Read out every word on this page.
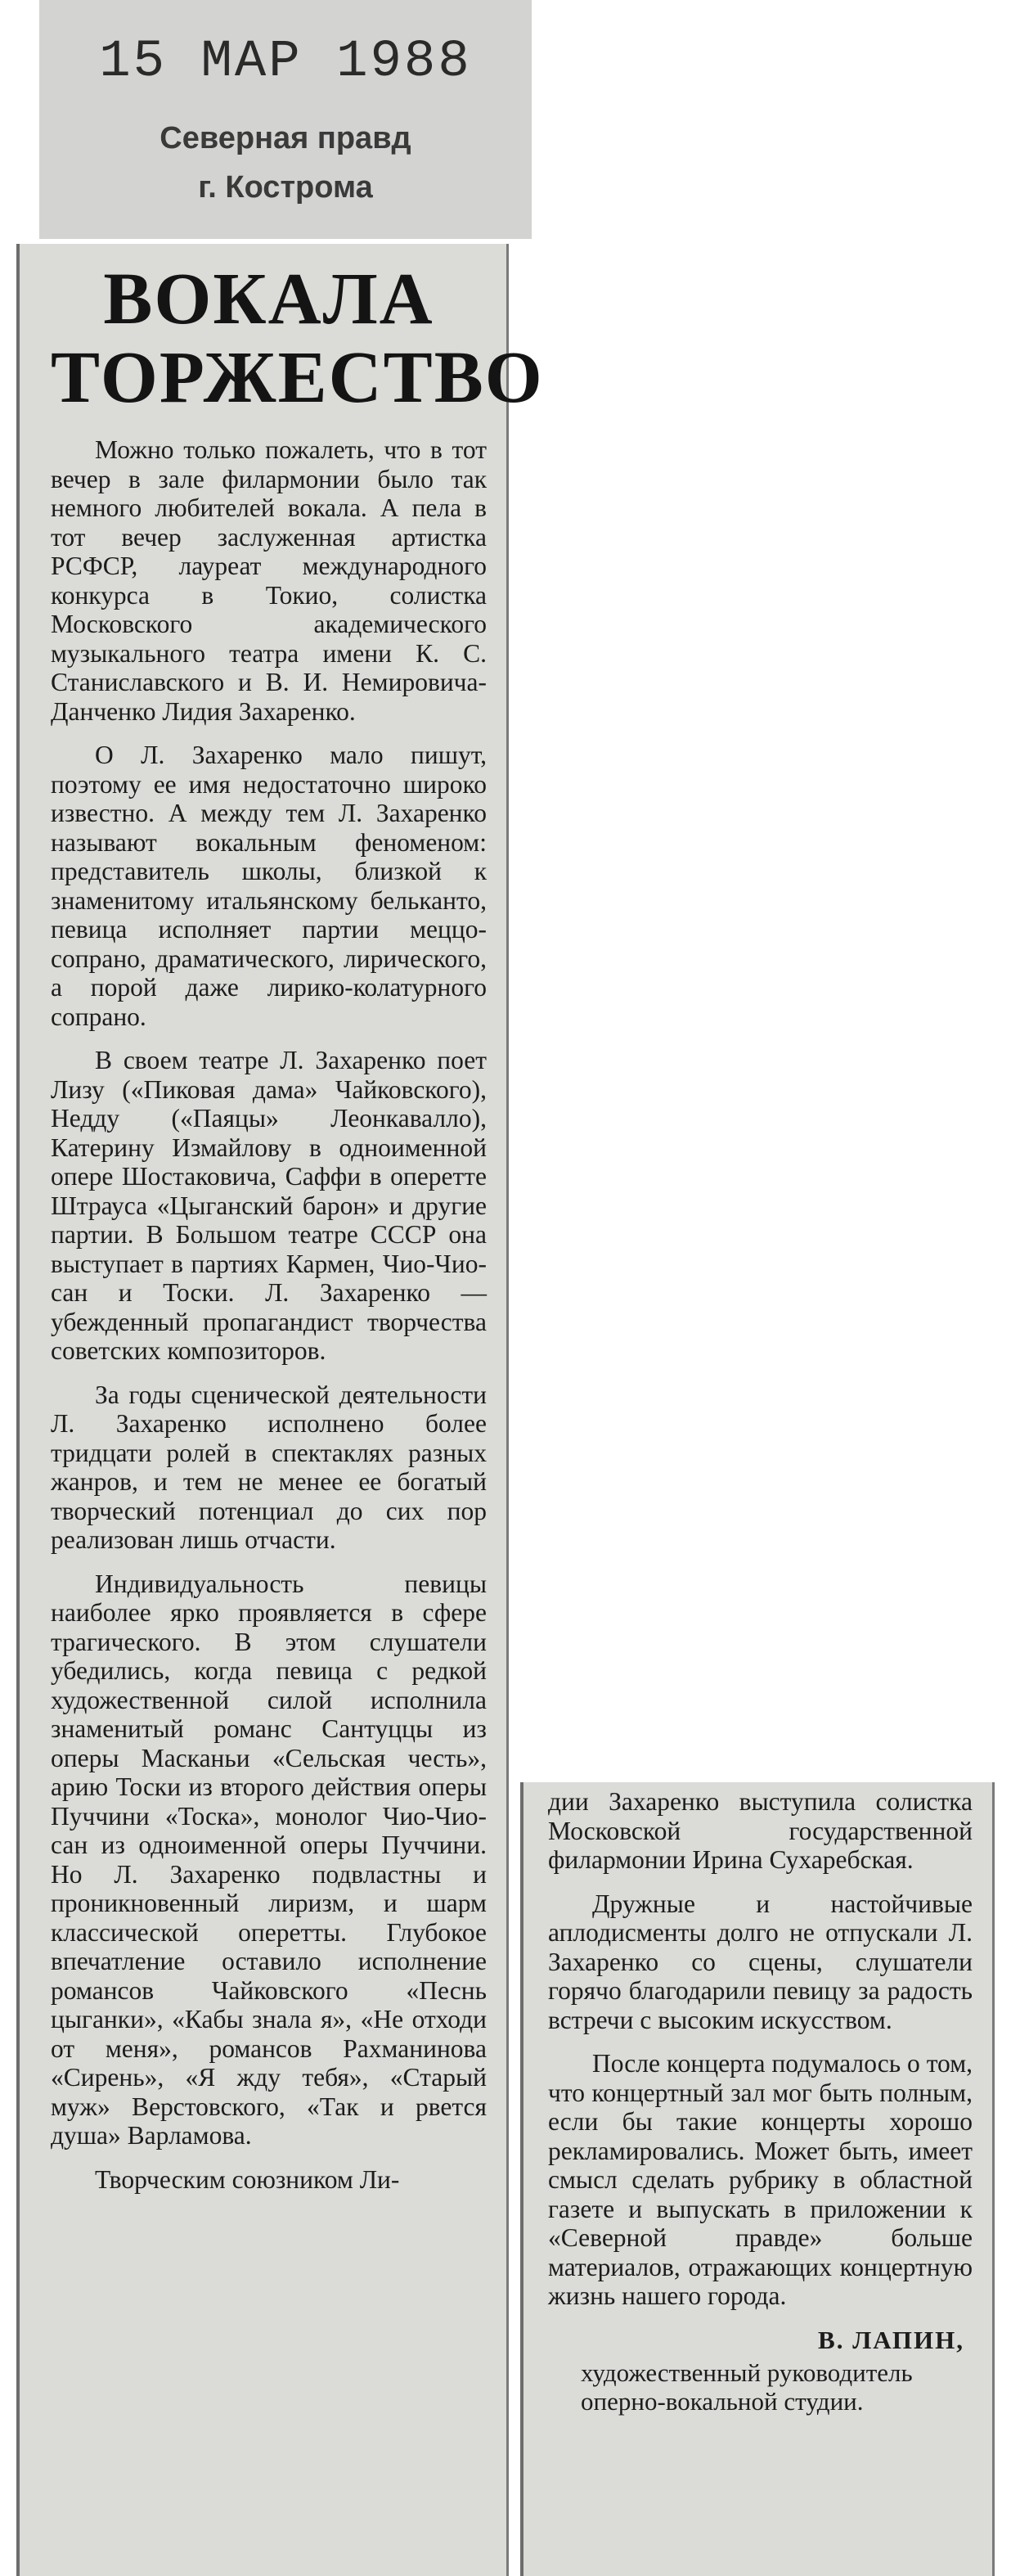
15 МАР 1988
Северная правд
г. Кострома
ВОКАЛА
ТОРЖЕСТВО

Можно только пожалеть, что в тот вечер в зале филармонии было так немного любителей вокала. А пела в тот вечер заслуженная артистка РСФСР, лауреат международного конкурса в Токио, солистка Московского академического музыкального театра имени К. С. Станиславского и В. И. Немировича-Данченко Лидия Захаренко.

О Л. Захаренко мало пишут, поэтому ее имя недостаточно широко известно. А между тем Л. Захаренко называют вокальным феноменом: представитель школы, близкой к знаменитому итальянскому бельканто, певица исполняет партии меццо-сопрано, драматического, лирического, а порой даже лирико-колатурного сопрано.

В своем театре Л. Захаренко поет Лизу («Пиковая дама» Чайковского), Недду («Паяцы» Леонкавалло), Катерину Измайлову в одноименной опере Шостаковича, Саффи в оперетте Штрауса «Цыганский барон» и другие партии. В Большом театре СССР она выступает в партиях Кармен, Чио-Чио-сан и Тоски. Л. Захаренко — убежденный пропагандист творчества советских композиторов.

За годы сценической деятельности Л. Захаренко исполнено более тридцати ролей в спектаклях разных жанров, и тем не менее ее богатый творческий потенциал до сих пор реализован лишь отчасти.

Индивидуальность певицы наиболее ярко проявляется в сфере трагического. В этом слушатели убедились, когда певица с редкой художественной силой исполнила знаменитый романс Сантуццы из оперы Масканьи «Сельская честь», арию Тоски из второго действия оперы Пуччини «Тоска», монолог Чио-Чио-сан из одноименной оперы Пуччини. Но Л. Захаренко подвластны и проникновенный лиризм, и шарм классической оперетты. Глубокое впечатление оставило исполнение романсов Чайковского «Песнь цыганки», «Кабы знала я», «Не отходи от меня», романсов Рахманинова «Сирень», «Я жду тебя», «Старый муж» Верстовского, «Так и рвется душа» Варламова.

Творческим союзником Ли-

дии Захаренко выступила солистка Московской государственной филармонии Ирина Сухаребская.

Дружные и настойчивые аплодисменты долго не отпускали Л. Захаренко со сцены, слушатели горячо благодарили певицу за радость встречи с высоким искусством.

После концерта подумалось о том, что концертный зал мог быть полным, если бы такие концерты хорошо рекламировались. Может быть, имеет смысл сделать рубрику в областной газете и выпускать в приложении к «Северной правде» больше материалов, отражающих концертную жизнь нашего города.

В. ЛАПИН,
художественный руководитель оперно-вокальной студии.
